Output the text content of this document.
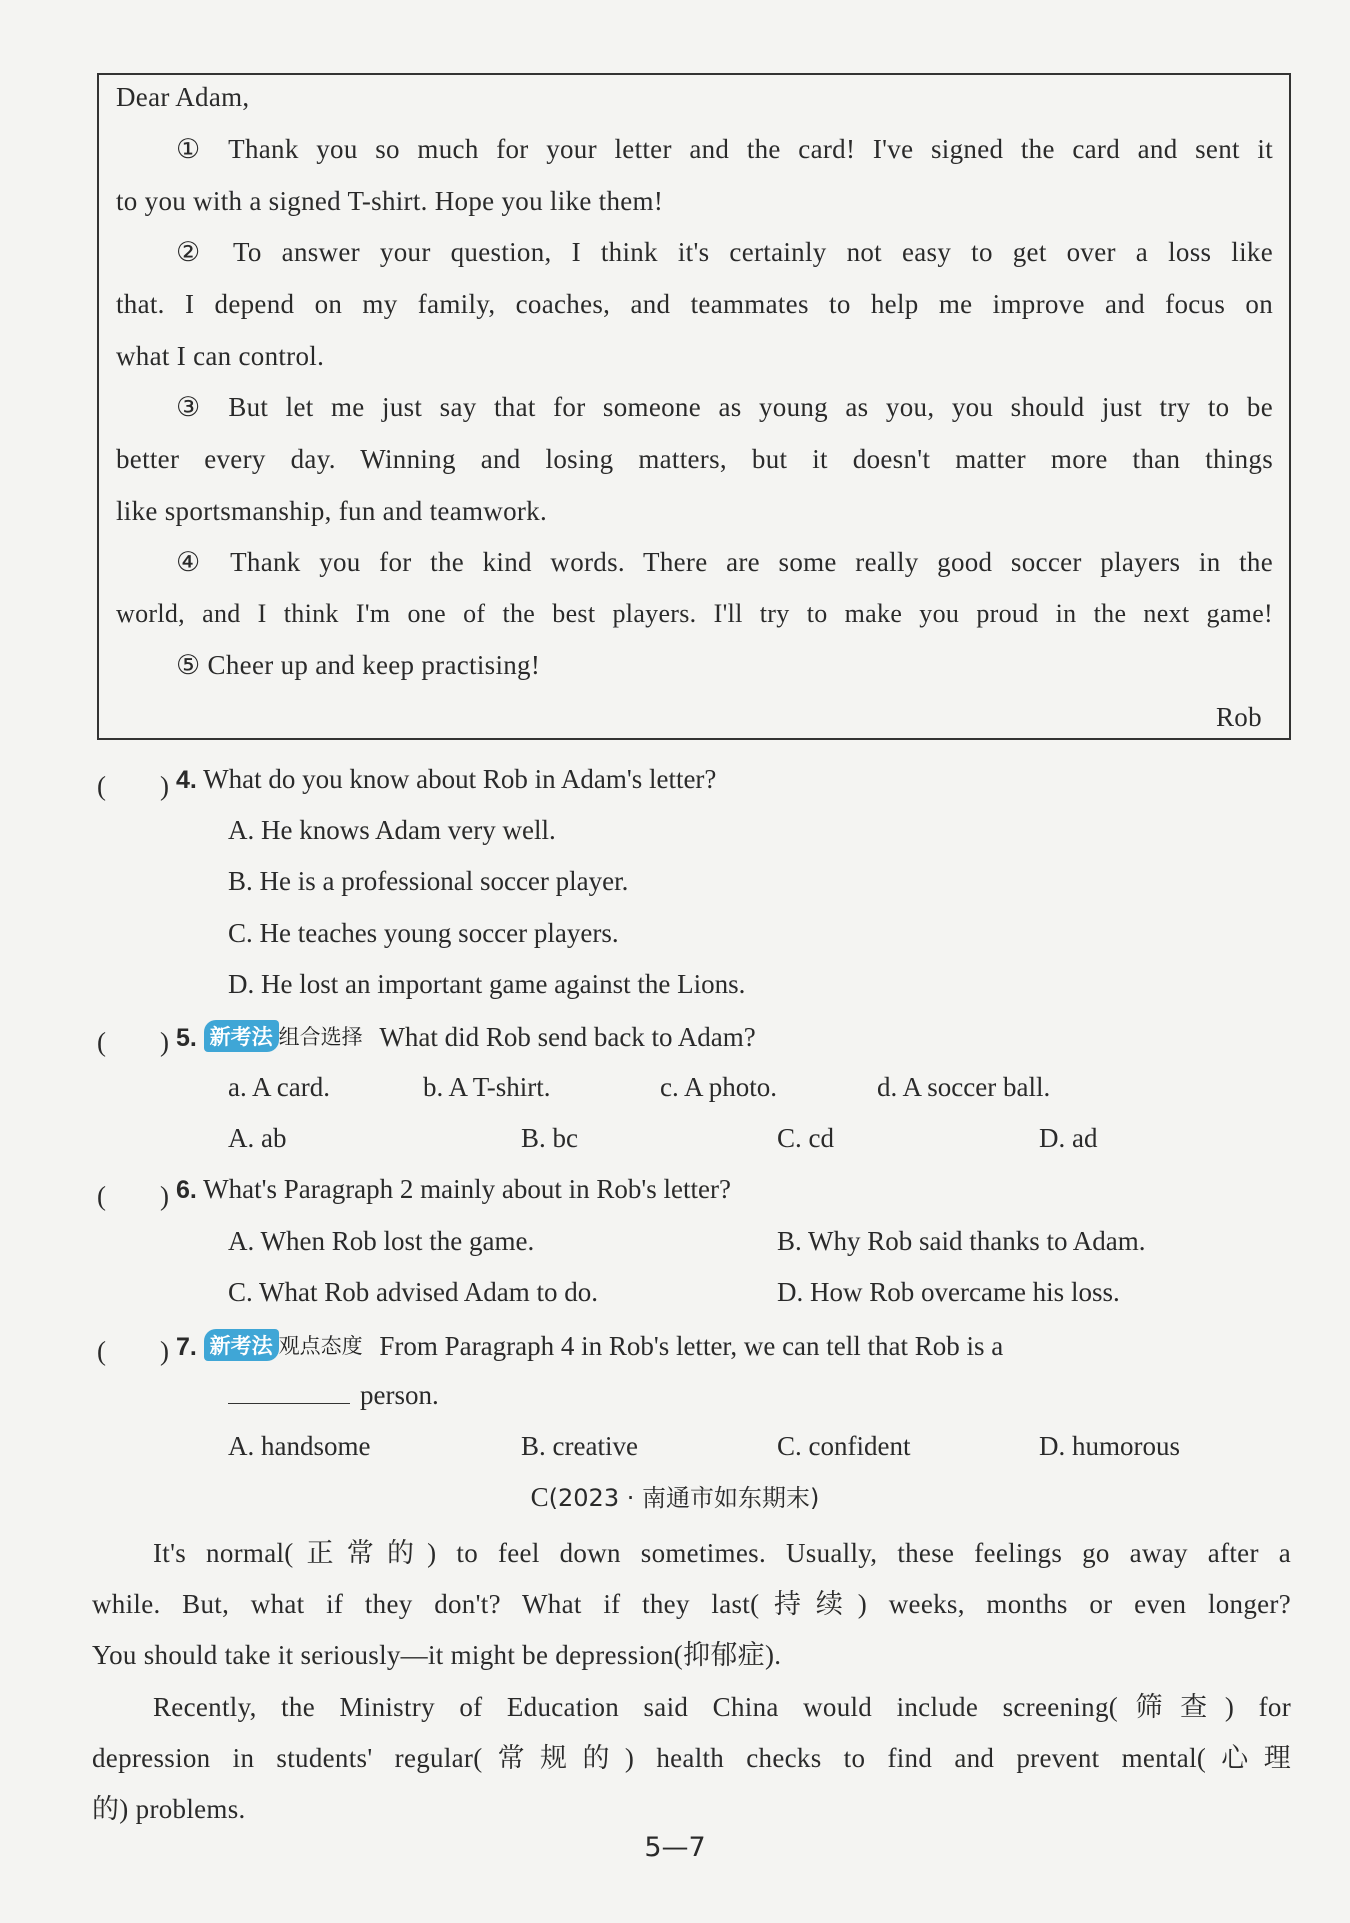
Dear Adam,
① Thank you so much for your letter and the card! I've signed the card and sent it
to you with a signed T-shirt. Hope you like them!
② To answer your question, I think it's certainly not easy to get over a loss like
that. I depend on my family, coaches, and teammates to help me improve and focus on
what I can control.
③ But let me just say that for someone as young as you, you should just try to be
better every day. Winning and losing matters, but it doesn't matter more than things
like sportsmanship, fun and teamwork.
④ Thank you for the kind words. There are some really good soccer players in the
world, and I think I'm one of the best players. I'll try to make you proud in the next game!
⑤ Cheer up and keep practising!
Rob
(　　) 4. What do you know about Rob in Adam's letter?
A. He knows Adam very well.
B. He is a professional soccer player.
C. He teaches young soccer players.
D. He lost an important game against the Lions.
(　　) 5. 新考法 组合选择 What did Rob send back to Adam?
a. A card.	b. A T-shirt.	c. A photo.	d. A soccer ball.
A. ab	B. bc	C. cd	D. ad
(　　) 6. What's Paragraph 2 mainly about in Rob's letter?
A. When Rob lost the game.	B. Why Rob said thanks to Adam.
C. What Rob advised Adam to do.	D. How Rob overcame his loss.
(　　) 7. 新考法 观点态度 From Paragraph 4 in Rob's letter, we can tell that Rob is a
person.
A. handsome	B. creative	C. confident	D. humorous
C(2023 · 南通市如东期末)
It's normal(正常的) to feel down sometimes. Usually, these feelings go away after a
while. But, what if they don't? What if they last(持续) weeks, months or even longer?
You should take it seriously—it might be depression(抑郁症).
Recently, the Ministry of Education said China would include screening(筛查) for
depression in students' regular(常规的) health checks to find and prevent mental(心理
的) problems.
5—7
